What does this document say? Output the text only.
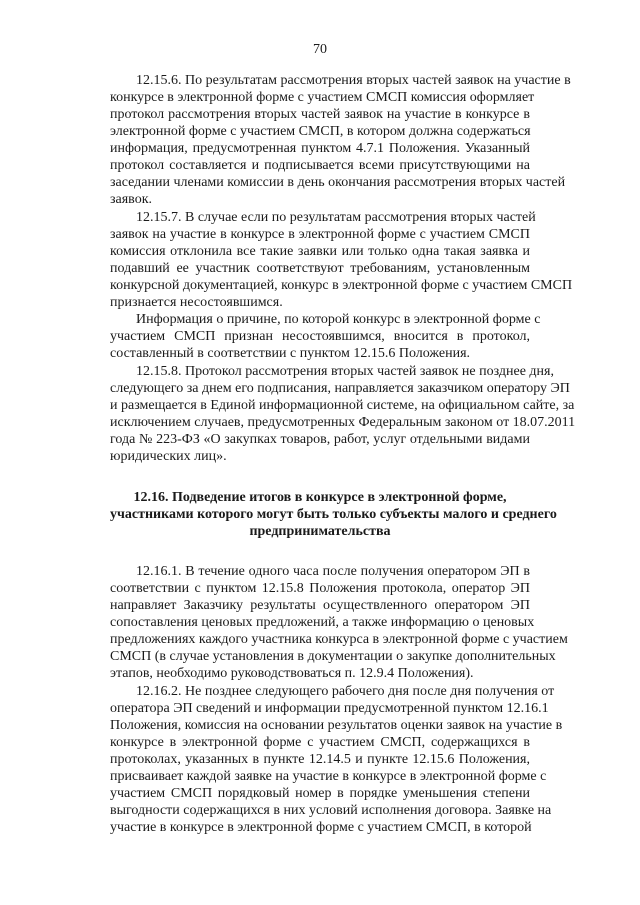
70
12.15.6. По результатам рассмотрения вторых частей заявок на участие в
конкурсе в электронной форме с участием СМСП комиссия оформляет
протокол рассмотрения вторых частей заявок на участие в конкурсе в
электронной форме с участием СМСП, в котором должна содержаться
информация, предусмотренная пунктом 4.7.1 Положения. Указанный
протокол составляется и подписывается всеми присутствующими на
заседании членами комиссии в день окончания рассмотрения вторых частей
заявок.
12.15.7. В случае если по результатам рассмотрения вторых частей
заявок на участие в конкурсе в электронной форме с участием СМСП
комиссия отклонила все такие заявки или только одна такая заявка и
подавший ее участник соответствуют требованиям, установленным
конкурсной документацией, конкурс в электронной форме с участием СМСП
признается несостоявшимся.
Информация о причине, по которой конкурс в электронной форме с
участием СМСП признан несостоявшимся, вносится в протокол,
составленный в соответствии с пунктом 12.15.6 Положения.
12.15.8. Протокол рассмотрения вторых частей заявок не позднее дня,
следующего за днем его подписания, направляется заказчиком оператору ЭП
и размещается в Единой информационной системе, на официальном сайте, за
исключением случаев, предусмотренных Федеральным законом от 18.07.2011
года № 223-ФЗ «О закупках товаров, работ, услуг отдельными видами
юридических лиц».
12.16. Подведение итогов в конкурсе в электронной форме,
участниками которого могут быть только субъекты малого и среднего
предпринимательства
12.16.1. В течение одного часа после получения оператором ЭП в
соответствии с пунктом 12.15.8 Положения протокола, оператор ЭП
направляет Заказчику результаты осуществленного оператором ЭП
сопоставления ценовых предложений, а также информацию о ценовых
предложениях каждого участника конкурса в электронной форме с участием
СМСП (в случае установления в документации о закупке дополнительных
этапов, необходимо руководствоваться п. 12.9.4 Положения).
12.16.2. Не позднее следующего рабочего дня после дня получения от
оператора ЭП сведений и информации предусмотренной пунктом 12.16.1
Положения, комиссия на основании результатов оценки заявок на участие в
конкурсе в электронной форме с участием СМСП, содержащихся в
протоколах, указанных в пункте 12.14.5 и пункте 12.15.6 Положения,
присваивает каждой заявке на участие в конкурсе в электронной форме с
участием СМСП порядковый номер в порядке уменьшения степени
выгодности содержащихся в них условий исполнения договора. Заявке на
участие в конкурсе в электронной форме с участием СМСП, в которой
